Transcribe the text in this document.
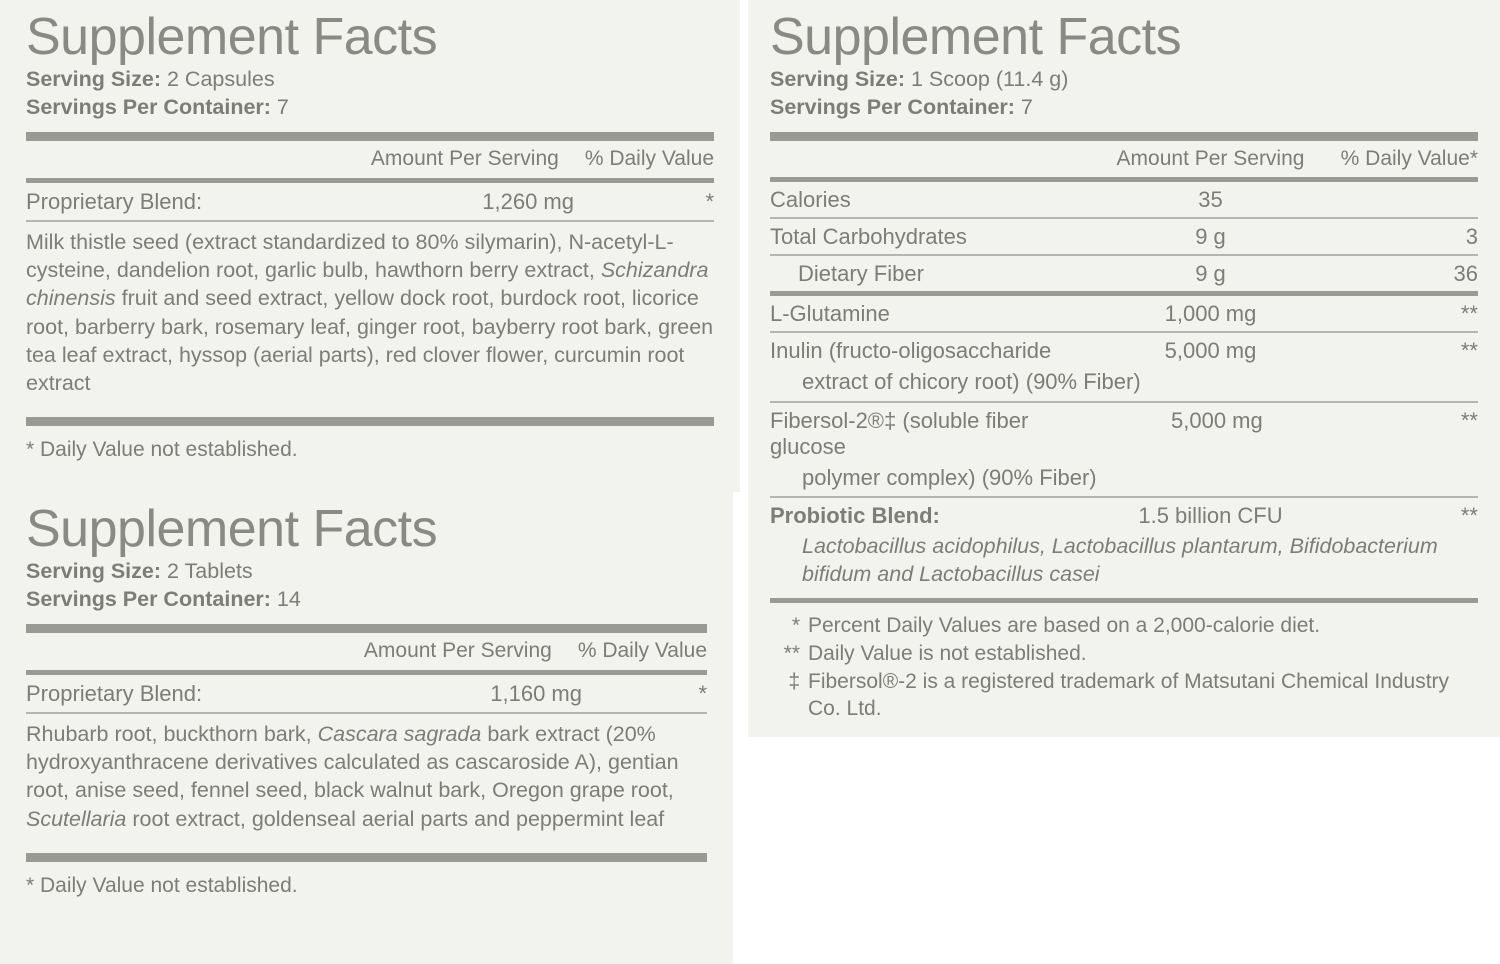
Supplement Facts
Serving Size: 2 Capsules
Servings Per Container: 7
Amount Per Serving % Daily Value
Proprietary Blend:	1,260 mg	*
Milk thistle seed (extract standardized to 80% silymarin), N-acetyl-L-cysteine, dandelion root, garlic bulb, hawthorn berry extract, Schizandra chinensis fruit and seed extract, yellow dock root, burdock root, licorice root, barberry bark, rosemary leaf, ginger root, bayberry root bark, green tea leaf extract, hyssop (aerial parts), red clover flower, curcumin root extract
* Daily Value not established.
Supplement Facts
Serving Size: 2 Tablets
Servings Per Container: 14
Amount Per Serving % Daily Value
Proprietary Blend:	1,160 mg	*
Rhubarb root, buckthorn bark, Cascara sagrada bark extract (20% hydroxyanthracene derivatives calculated as cascaroside A), gentian root, anise seed, fennel seed, black walnut bark, Oregon grape root, Scutellaria root extract, goldenseal aerial parts and peppermint leaf
* Daily Value not established.
Supplement Facts
Serving Size: 1 Scoop (11.4 g)
Servings Per Container: 7
Amount Per Serving	% Daily Value*
Calories	35
Total Carbohydrates	9 g	3
Dietary Fiber	9 g	36
L-Glutamine	1,000 mg	**
Inulin (fructo-oligosaccharide	5,000 mg	**
extract of chicory root) (90% Fiber)
Fibersol-2®‡ (soluble fiber glucose
5,000 mg	**
polymer complex) (90% Fiber)
Probiotic Blend:	1.5 billion CFU	**
Lactobacillus acidophilus, Lactobacillus plantarum, Bifidobacterium bifidum and Lactobacillus casei
* Percent Daily Values are based on a 2,000-calorie diet.
** Daily Value is not established.
‡ Fibersol®-2 is a registered trademark of Matsutani Chemical Industry Co. Ltd.
